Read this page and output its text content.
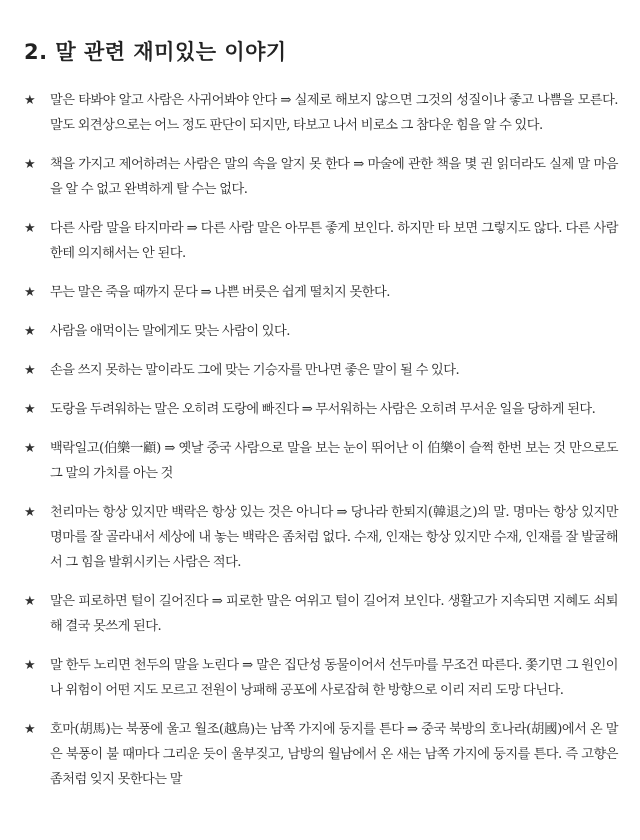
2. 말 관련 재미있는 이야기
★	말은 타봐야 알고 사람은 사귀어봐야 안다 ⇒ 실제로 해보지 않으면 그것의 성질이나 좋고 나쁨을 모른다. 말도 외견상으로는 어느 정도 판단이 되지만, 타보고 나서 비로소 그 참다운 힘을 알 수 있다.
★	책을 가지고 제어하려는 사람은 말의 속을 알지 못 한다 ⇒ 마술에 관한 책을 몇 권 읽더라도 실제 말 마음을 알 수 없고 완벽하게 탈 수는 없다.
★	다른 사람 말을 타지마라 ⇒ 다른 사람 말은 아무튼 좋게 보인다. 하지만 타 보면 그렇지도 않다. 다른 사람한테 의지해서는 안 된다.
★	무는 말은 죽을 때까지 문다 ⇒ 나쁜 버릇은 쉽게 떨치지 못한다.
★	사람을 애먹이는 말에게도 맞는 사람이 있다.
★	손을 쓰지 못하는 말이라도 그에 맞는 기승자를 만나면 좋은 말이 될 수 있다.
★	도랑을 두려워하는 말은 오히려 도랑에 빠진다 ⇒ 무서워하는 사람은 오히려 무서운 일을 당하게 된다.
★	백락일고(伯樂一顧) ⇒ 옛날 중국 사람으로 말을 보는 눈이 뛰어난 이 伯樂이 슬쩍 한번 보는 것 만으로도 그 말의 가치를 아는 것
★	천리마는 항상 있지만 백락은 항상 있는 것은 아니다 ⇒ 당나라 한퇴지(韓退之)의 말. 명마는 항상 있지만 명마를 잘 골라내서 세상에 내 놓는 백락은 좀처럼 없다. 수재, 인재는 항상 있지만 수재, 인재를 잘 발굴해서 그 힘을 발휘시키는 사람은 적다.
★	말은 피로하면 털이 길어진다 ⇒ 피로한 말은 여위고 털이 길어져 보인다. 생활고가 지속되면 지혜도 쇠퇴해 결국 못쓰게 된다.
★	말 한두 노리면 천두의 말을 노린다 ⇒ 말은 집단성 동물이어서 선두마를 무조건 따른다. 쫓기면 그 원인이나 위험이 어떤 지도 모르고 전원이 낭패해 공포에 사로잡혀 한 방향으로 이리 저리 도망 다닌다.
★	호마(胡馬)는 북풍에 울고 월조(越鳥)는 남쪽 가지에 둥지를 튼다 ⇒ 중국 북방의 호나라(胡國)에서 온 말은 북풍이 불 때마다 그리운 듯이 울부짖고, 남방의 월남에서 온 새는 남쪽 가지에 둥지를 튼다. 즉 고향은 좀처럼 잊지 못한다는 말
